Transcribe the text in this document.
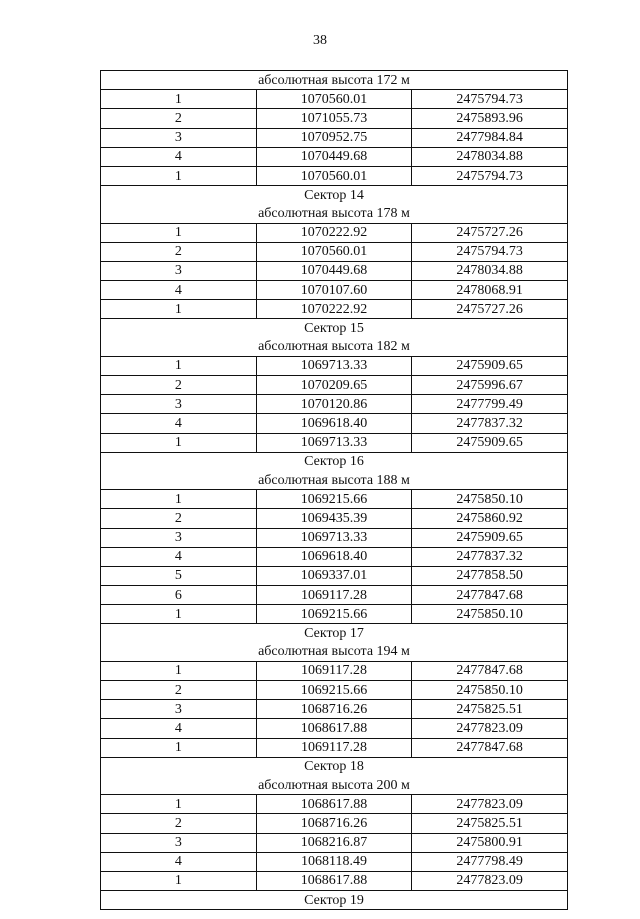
38
абсолютная высота 172 м		
1	1070560.01	2475794.73
2	1071055.73	2475893.96
3	1070952.75	2477984.84
4	1070449.68	2478034.88
1	1070560.01	2475794.73
Сектор 14		
абсолютная высота 178 м		
1	1070222.92	2475727.26
2	1070560.01	2475794.73
3	1070449.68	2478034.88
4	1070107.60	2478068.91
1	1070222.92	2475727.26
Сектор 15		
абсолютная высота 182 м		
1	1069713.33	2475909.65
2	1070209.65	2475996.67
3	1070120.86	2477799.49
4	1069618.40	2477837.32
1	1069713.33	2475909.65
Сектор 16		
абсолютная высота 188 м		
1	1069215.66	2475850.10
2	1069435.39	2475860.92
3	1069713.33	2475909.65
4	1069618.40	2477837.32
5	1069337.01	2477858.50
6	1069117.28	2477847.68
1	1069215.66	2475850.10
Сектор 17		
абсолютная высота 194 м		
1	1069117.28	2477847.68
2	1069215.66	2475850.10
3	1068716.26	2475825.51
4	1068617.88	2477823.09
1	1069117.28	2477847.68
Сектор 18		
абсолютная высота 200 м		
1	1068617.88	2477823.09
2	1068716.26	2475825.51
3	1068216.87	2475800.91
4	1068118.49	2477798.49
1	1068617.88	2477823.09
Сектор 19		
